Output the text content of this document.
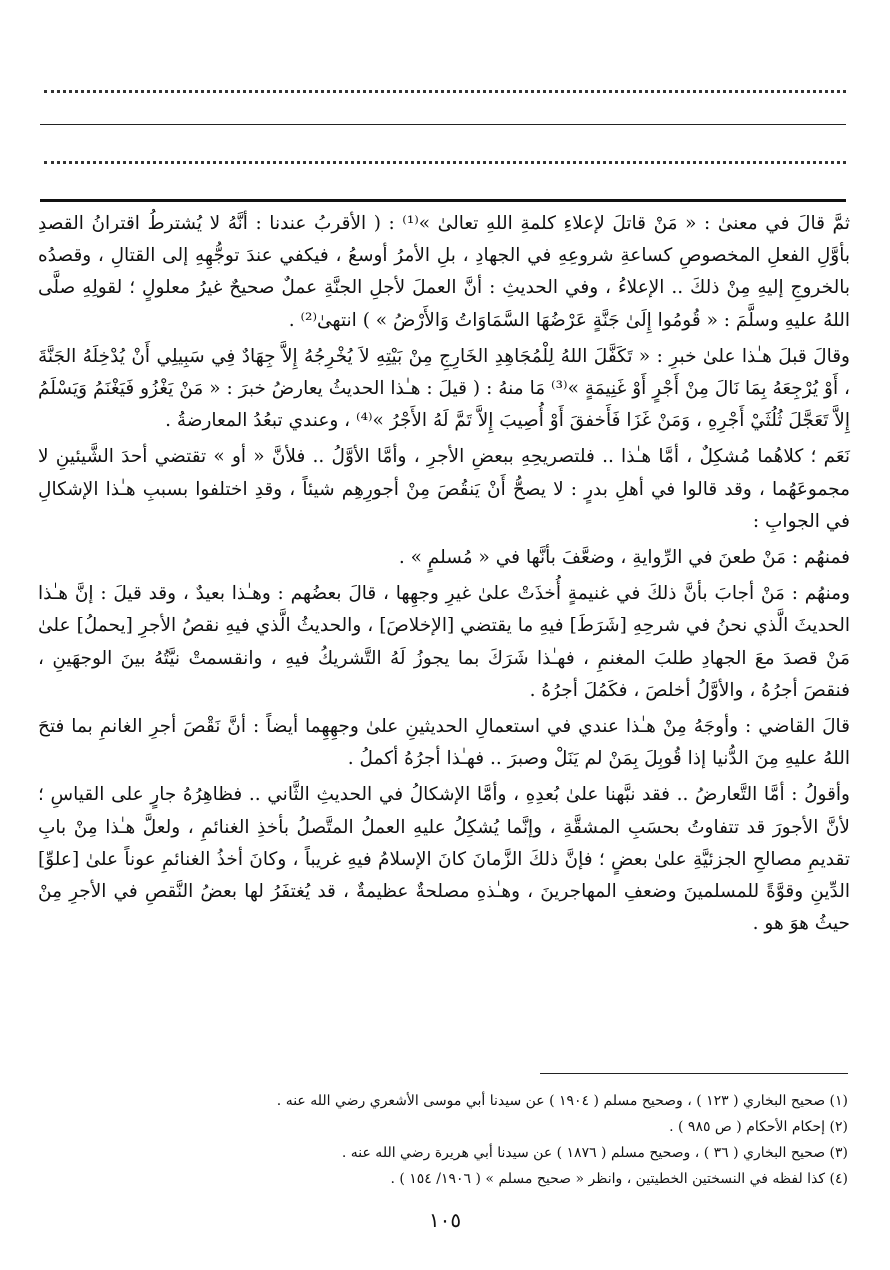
ثمَّ قالَ في معنىٰ : « مَنْ قاتلَ لإعلاءِ كلمةِ اللهِ تعالىٰ »⁽¹⁾ : ( الأقربُ عندنا : أنَّهُ لا يُشترطُ اقترانُ القصدِ بأوَّلِ الفعلِ المخصوصِ كساعةِ شروعِهِ في الجهادِ ، بلِ الأمرُ أوسعُ ، فيكفي عندَ توجُّهِهِ إلى القتالِ ، وقصدُه بالخروجِ إليهِ مِنْ ذلكَ .. الإعلاءُ ، وفي الحديثِ : أنَّ العملَ لأجلِ الجنَّةِ عملٌ صحيحٌ غيرُ معلولٍ ؛ لقولِهِ صلَّى اللهُ عليهِ وسلَّمَ : « قُومُوا إِلَىٰ جَنَّةٍ عَرْضُهَا السَّمَاوَاتُ وَالأَرْضُ » ) انتهىٰ⁽²⁾ .

وقالَ قبلَ هـٰذا علىٰ خبرِ : « تَكَفَّلَ اللهُ لِلْمُجَاهِدِ الخَارِجِ مِنْ بَيْتِهِ لاَ يُخْرِجُهُ إِلاَّ جِهَادٌ فِي سَبِيلِي أَنْ يُدْخِلَهُ الجَنَّةَ ، أَوْ يُرْجِعَهُ بِمَا نَالَ مِنْ أَجْرٍ أَوْ غَنِيمَةٍ »⁽³⁾ مَا منهُ : ( قيلَ : هـٰذا الحديثُ يعارضُ خبرَ : « مَنْ يَغْزُو فَيَغْنَمُ وَيَسْلَمُ إِلاَّ تَعَجَّلَ ثُلُثَيْ أَجْرِهِ ، وَمَنْ غَزَا فَأَخفقَ أَوْ أُصِيبَ إِلاَّ تَمَّ لَهُ الأَجْرُ »⁽⁴⁾ ، وعندي تبعُدُ المعارضةُ .

نَعَم ؛ كلاهُما مُشكِلٌ ، أمَّا هـٰذا .. فلتصريحِهِ ببعضِ الأجرِ ، وأمَّا الأوَّلُ .. فلأنَّ « أو » تقتضي أحدَ الشَّيئينِ لا مجموعَهُما ، وقد قالوا في أهلِ بدرٍ : لا يصحُّ أَنْ يَنقُصَ مِنْ أجورِهِم شيئاً ، وقدِ اختلفوا بسببِ هـٰذا الإشكالِ في الجوابِ :

فمنهُم : مَنْ طعنَ في الرِّوايةِ ، وضعَّفَ بأنَّها في « مُسلمٍ » .

ومنهُم : مَنْ أجابَ بأنَّ ذلكَ في غنيمةٍ أُخذَتْ علىٰ غيرِ وجهِها ، قالَ بعضُهم : وهـٰذا بعيدٌ ، وقد قيلَ : إنَّ هـٰذا الحديثَ الَّذي نحنُ في شرحِهِ [شَرَطَ] فيهِ ما يقتضي [الإخلاصَ] ، والحديثُ الَّذي فيهِ نقصُ الأجرِ [يحملُ] علىٰ مَنْ قصدَ معَ الجهادِ طلبَ المغنمِ ، فهـٰذا شَرَكَ بما يجوزُ لَهُ التَّشريكُ فيهِ ، وانقسمتْ نيَّتُهُ بينَ الوجهَينِ ، فنقصَ أجرُهُ ، والأوَّلُ أخلصَ ، فكَمُلَ أجرُهُ .

قالَ القاضي : وأوجَهُ مِنْ هـٰذا عندي في استعمالِ الحديثينِ علىٰ وجهِهِما أيضاً : أنَّ نَقْصَ أجرِ الغانمِ بما فتحَ اللهُ عليهِ مِنَ الدُّنيا إذا قُوبِلَ بِمَنْ لم يَنَلْ وصبرَ .. فهـٰذا أجرُهُ أكملُ .

وأقولُ : أمَّا التَّعارضُ .. فقد نبَّهنا علىٰ بُعدِهِ ، وأمَّا الإشكالُ في الحديثِ الثَّاني .. فظاهِرُهُ جارٍ على القياسِ ؛ لأنَّ الأجورَ قد تتفاوتُ بحسَبِ المشقَّةِ ، وإنَّما يُشكِلُ عليهِ العملُ المتَّصلُ بأخذِ الغنائمِ ، ولعلَّ هـٰذا مِنْ بابِ تقديمِ مصالحِ الجزئيَّةِ علىٰ بعضٍ ؛ فإنَّ ذلكَ الزَّمانَ كانَ الإسلامُ فيهِ غريباً ، وكانَ أخذُ الغنائمِ عوناً علىٰ [علوِّ] الدِّينِ وقوَّةً للمسلمينَ وضعفِ المهاجرينَ ، وهـٰذهِ مصلحةٌ عظيمةٌ ، قد يُغتفَرُ لها بعضُ النَّقصِ في الأجرِ مِنْ حيثُ هوَ هو .

(١) صحيح البخاري ( ١٢٣ ) ، وصحيح مسلم ( ١٩٠٤ ) عن سيدنا أبي موسى الأشعري رضي الله عنه .
(٢) إحكام الأحكام ( ص ٩٨٥ ) .
(٣) صحيح البخاري ( ٣٦ ) ، وصحيح مسلم ( ١٨٧٦ ) عن سيدنا أبي هريرة رضي الله عنه .
(٤) كذا لفظه في النسختين الخطيتين ، وانظر « صحيح مسلم » ( ١٩٠٦/ ١٥٤ ) .
١٠٥
